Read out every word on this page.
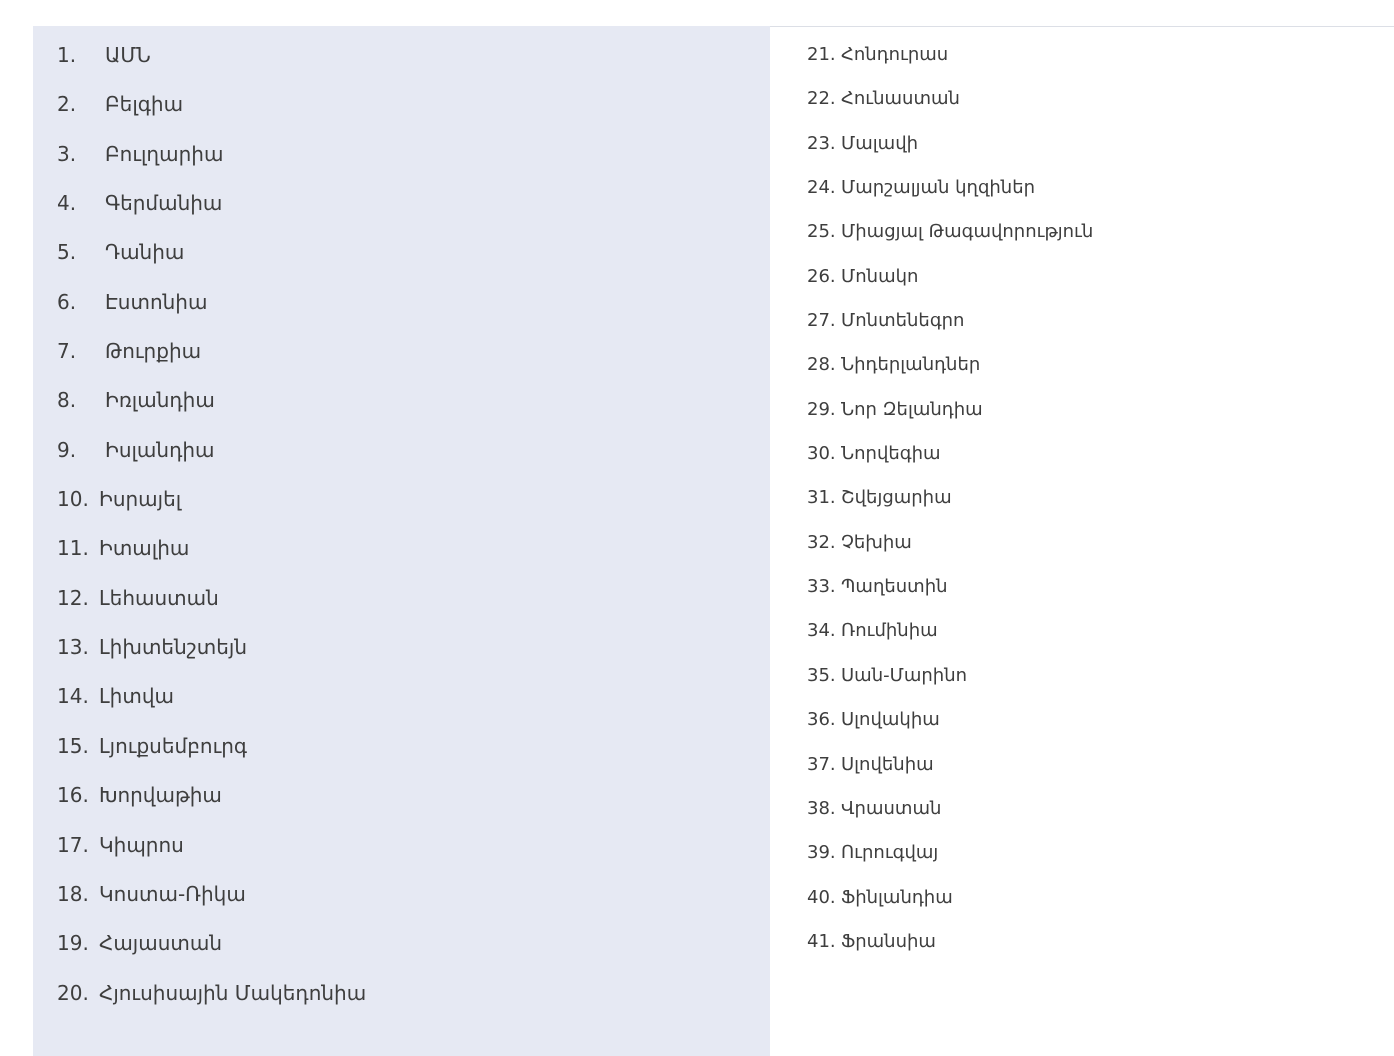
1. ԱՄՆ
2. Բելգիա
3. Բուլղարիա
4. Գերմանիա
5. Դանիա
6. Էստոնիա
7. Թուրքիա
8. Իռլանդիա
9. Իսլանդիա
10. Իսրայել
11. Իտալիա
12. Լեհաստան
13. Լիխտենշտեյն
14. Լիտվա
15. Լյուքսեմբուրգ
16. Խորվաթիա
17. Կիպրոս
18. Կոստա-Ռիկա
19. Հայաստան
20. Հյուսիսային Մակեդոնիա
21. Հոնդուրաս
22. Հունաստան
23. Մալավի
24. Մարշալյան կղզիներ
25. Միացյալ Թագավորություն
26. Մոնակո
27. Մոնտենեգրո
28. Նիդերլանդներ
29. Նոր Զելանդիա
30. Նորվեգիա
31. Շվեյցարիա
32. Չեխիա
33. Պաղեստին
34. Ռումինիա
35. Սան-Մարինո
36. Սլովակիա
37. Սլովենիա
38. Վրաստան
39. Ուրուգվայ
40. Ֆինլանդիա
41. Ֆրանսիա
